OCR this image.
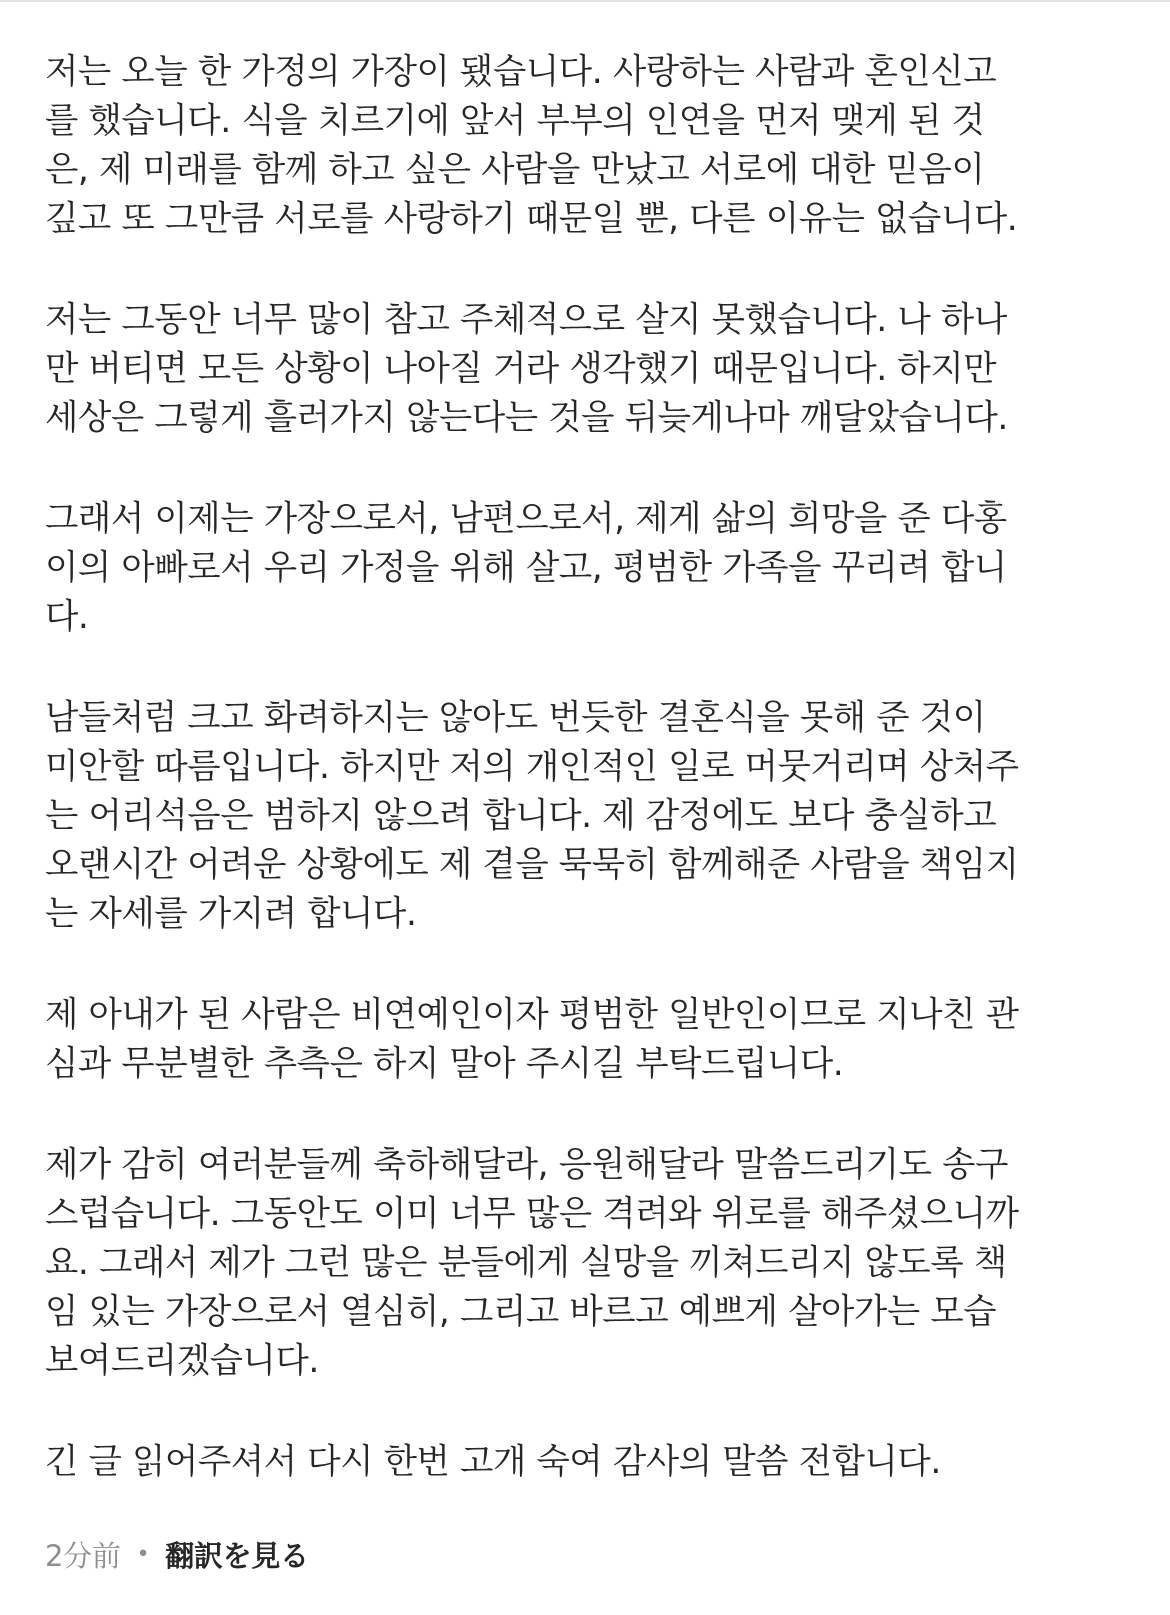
저는 오늘 한 가정의 가장이 됐습니다. 사랑하는 사람과 혼인신고
를 했습니다. 식을 치르기에 앞서 부부의 인연을 먼저 맺게 된 것
은, 제 미래를 함께 하고 싶은 사람을 만났고 서로에 대한 믿음이
깊고 또 그만큼 서로를 사랑하기 때문일 뿐, 다른 이유는 없습니다.

저는 그동안 너무 많이 참고 주체적으로 살지 못했습니다. 나 하나
만 버티면 모든 상황이 나아질 거라 생각했기 때문입니다. 하지만
세상은 그렇게 흘러가지 않는다는 것을 뒤늦게나마 깨달았습니다.

그래서 이제는 가장으로서, 남편으로서, 제게 삶의 희망을 준 다홍
이의 아빠로서 우리 가정을 위해 살고, 평범한 가족을 꾸리려 합니
다.

남들처럼 크고 화려하지는 않아도 번듯한 결혼식을 못해 준 것이
미안할 따름입니다. 하지만 저의 개인적인 일로 머뭇거리며 상처주
는 어리석음은 범하지 않으려 합니다. 제 감정에도 보다 충실하고
오랜시간 어려운 상황에도 제 곁을 묵묵히 함께해준 사람을 책임지
는 자세를 가지려 합니다.

제 아내가 된 사람은 비연예인이자 평범한 일반인이므로 지나친 관
심과 무분별한 추측은 하지 말아 주시길 부탁드립니다.

제가 감히 여러분들께 축하해달라, 응원해달라 말씀드리기도 송구
스럽습니다. 그동안도 이미 너무 많은 격려와 위로를 해주셨으니까
요. 그래서 제가 그런 많은 분들에게 실망을 끼쳐드리지 않도록 책
임 있는 가장으로서 열심히, 그리고 바르고 예쁘게 살아가는 모습
보여드리겠습니다.

긴 글 읽어주셔서 다시 한번 고개 숙여 감사의 말씀 전합니다.

2分前 • 翻訳を見る
